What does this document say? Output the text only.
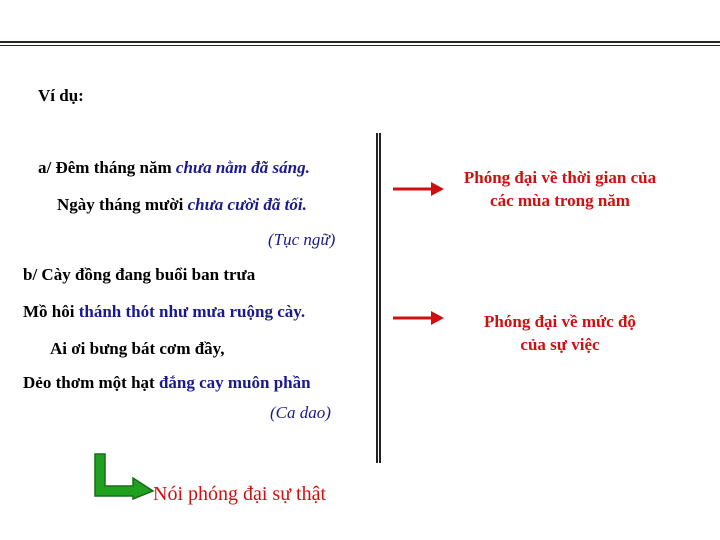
Ví dụ:
a/ Đêm tháng năm chưa nằm đã sáng.
Ngày tháng mười chưa cười đã tối.
(Tục ngữ)
b/ Cày đồng đang buổi ban trưa
Mồ hôi thánh thót như mưa ruộng cày.
Ai ơi bưng bát cơm đầy,
Dẻo thơm một hạt đắng cay muôn phần
(Ca dao)
Phóng đại về thời gian của
các mùa trong năm
Phóng đại về mức độ
của sự việc
Nói phóng đại sự thật
